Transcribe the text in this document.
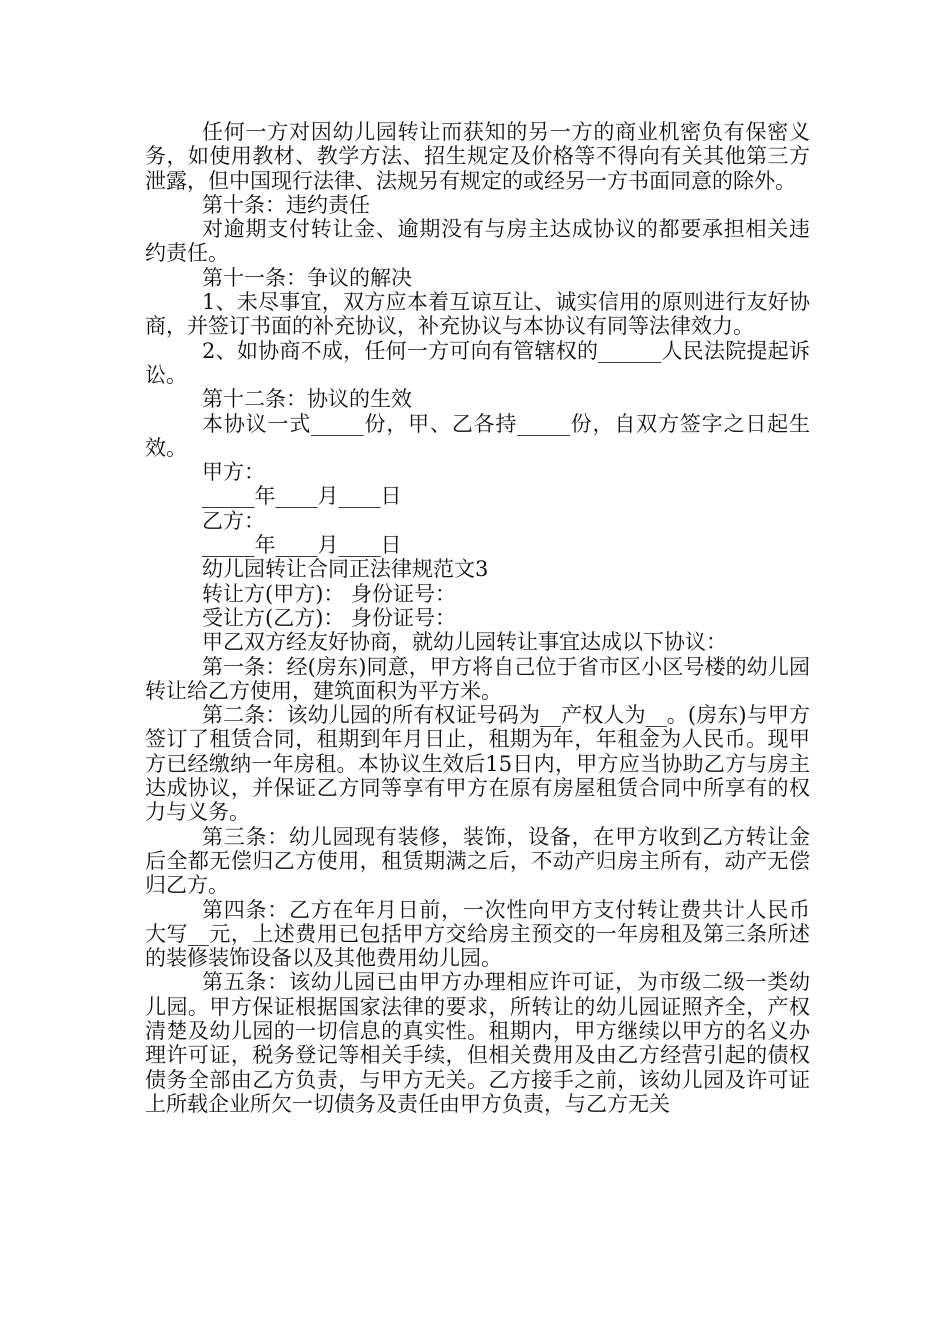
任何一方对因幼儿园转让而获知的另一方的商业机密负有保密义务，如使用教材、教学方法、招生规定及价格等不得向有关其他第三方泄露，但中国现行法律、法规另有规定的或经另一方书面同意的除外。

第十条：违约责任

对逾期支付转让金、逾期没有与房主达成协议的都要承担相关违约责任。

第十一条：争议的解决

1、未尽事宜，双方应本着互谅互让、诚实信用的原则进行友好协商，并签订书面的补充协议，补充协议与本协议有同等法律效力。

2、如协商不成，任何一方可向有管辖权的______人民法院提起诉讼。

第十二条：协议的生效

本协议一式_____份，甲、乙各持_____份，自双方签字之日起生效。

甲方：

_____年____月____日

乙方：

_____年____月____日

幼儿园转让合同正法律规范文3

转让方(甲方)： 身份证号：

受让方(乙方)： 身份证号：

甲乙双方经友好协商，就幼儿园转让事宜达成以下协议：

第一条：经(房东)同意，甲方将自己位于省市区小区号楼的幼儿园转让给乙方使用，建筑面积为平方米。

第二条：该幼儿园的所有权证号码为__产权人为__。(房东)与甲方签订了租赁合同，租期到年月日止，租期为年，年租金为人民币。现甲方已经缴纳一年房租。本协议生效后15日内，甲方应当协助乙方与房主达成协议，并保证乙方同等享有甲方在原有房屋租赁合同中所享有的权力与义务。

第三条：幼儿园现有装修，装饰，设备，在甲方收到乙方转让金后全都无偿归乙方使用，租赁期满之后，不动产归房主所有，动产无偿归乙方。

第四条：乙方在年月日前，一次性向甲方支付转让费共计人民币大写__元，上述费用已包括甲方交给房主预交的一年房租及第三条所述的装修装饰设备以及其他费用幼儿园。

第五条：该幼儿园已由甲方办理相应许可证，为市级二级一类幼儿园。甲方保证根据国家法律的要求，所转让的幼儿园证照齐全，产权清楚及幼儿园的一切信息的真实性。租期内，甲方继续以甲方的名义办理许可证，税务登记等相关手续，但相关费用及由乙方经营引起的债权债务全部由乙方负责，与甲方无关。乙方接手之前，该幼儿园及许可证上所载企业所欠一切债务及责任由甲方负责，与乙方无关
